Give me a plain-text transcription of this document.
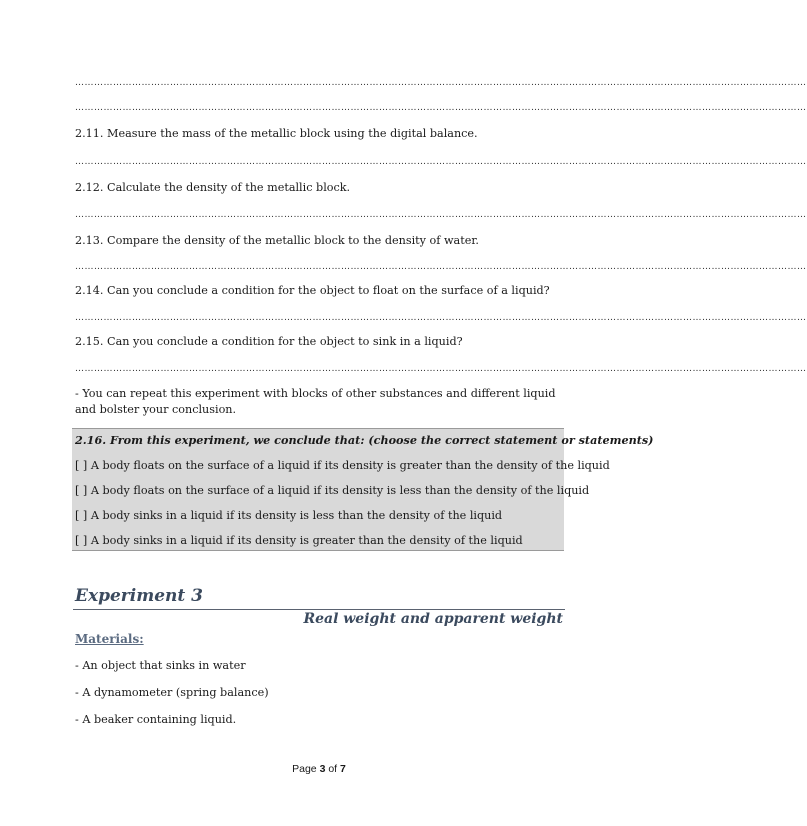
……………………………………………………………………………………………………………………………………………………………………………………………………………
……………………………………………………………………………………………………………………………………………………………………………………………………………
2.11. Measure the mass of the metallic block using the digital balance.
……………………………………………………………………………………………………………………………………………………………………………………………………………
2.12. Calculate the density of the metallic block.
……………………………………………………………………………………………………………………………………………………………………………………………………………
2.13. Compare the density of the metallic block to the density of water.
……………………………………………………………………………………………………………………………………………………………………………………………………………
2.14. Can you conclude a condition for the object to float on the surface of a liquid?
……………………………………………………………………………………………………………………………………………………………………………………………………………
2.15. Can you conclude a condition for the object to sink in a liquid?
……………………………………………………………………………………………………………………………………………………………………………………………………………
- You can repeat this experiment with blocks of other substances and different liquid and bolster your conclusion.
2.16. From this experiment, we conclude that: (choose the correct statement or statements)
[ ] A body floats on the surface of a liquid if its density is greater than the density of the liquid
[ ] A body floats on the surface of a liquid if its density is less than the density of the liquid
[ ] A body sinks in a liquid if its density is less than the density of the liquid
[ ] A body sinks in a liquid if its density is greater than the density of the liquid
Experiment 3
Real weight and apparent weight
Materials:
- An object that sinks in water
- A dynamometer (spring balance)
- A beaker containing liquid.
Page 3 of 7
